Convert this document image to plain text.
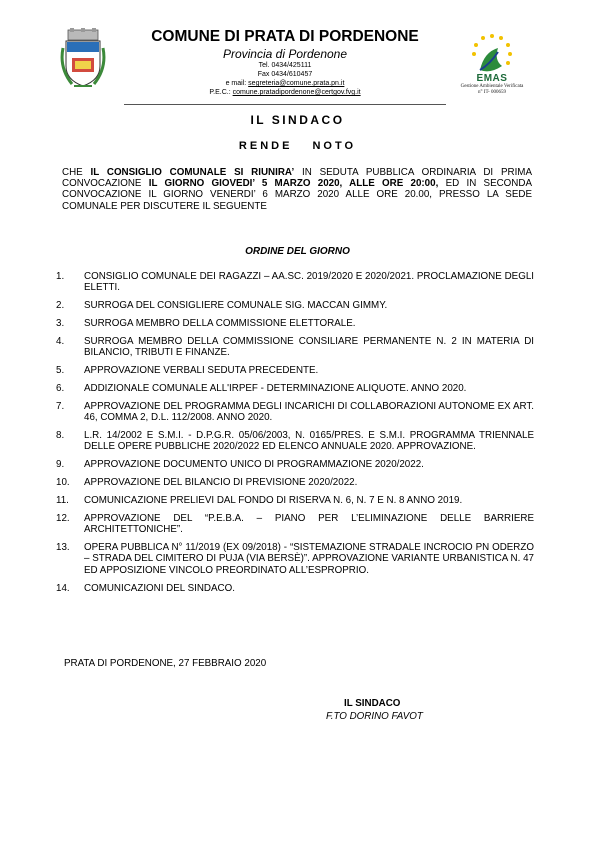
EMAS
Gestione Ambientale Verificata
n° IT- 000659
COMUNE DI PRATA DI PORDENONE
Provincia di Pordenone
Tel. 0434/425111
Fax 0434/610457
e mail: segreteria@comune.prata.pn.it
P.E.C.: comune.pratadipordenone@certgov.fvg.it
IL SINDACO
RENDE NOTO
CHE IL CONSIGLIO COMUNALE SI RIUNIRA’ IN SEDUTA PUBBLICA ORDINARIA DI PRIMA CONVOCAZIONE IL GIORNO GIOVEDI’ 5 MARZO 2020, ALLE ORE 20:00, ED IN SECONDA CONVOCAZIONE IL GIORNO VENERDI’ 6 MARZO 2020 ALLE ORE 20.00, PRESSO LA SEDE COMUNALE PER DISCUTERE IL SEGUENTE
ORDINE DEL GIORNO
1.	CONSIGLIO COMUNALE DEI RAGAZZI – AA.SC. 2019/2020 E 2020/2021. PROCLAMAZIONE DEGLI ELETTI.
2.	SURROGA DEL CONSIGLIERE COMUNALE SIG. MACCAN GIMMY.
3.	SURROGA MEMBRO DELLA COMMISSIONE ELETTORALE.
4.	SURROGA MEMBRO DELLA COMMISSIONE CONSILIARE PERMANENTE N. 2 IN MATERIA DI BILANCIO, TRIBUTI E FINANZE.
5.	APPROVAZIONE VERBALI SEDUTA PRECEDENTE.
6.	ADDIZIONALE COMUNALE ALL'IRPEF - DETERMINAZIONE ALIQUOTE. ANNO 2020.
7.	APPROVAZIONE DEL PROGRAMMA DEGLI INCARICHI DI COLLABORAZIONI AUTONOME EX ART. 46, COMMA 2, D.L. 112/2008. ANNO 2020.
8.	L.R. 14/2002 E S.M.I. - D.P.G.R. 05/06/2003, N. 0165/PRES. E S.M.I. PROGRAMMA TRIENNALE DELLE OPERE PUBBLICHE 2020/2022 ED ELENCO ANNUALE 2020. APPROVAZIONE.
9.	APPROVAZIONE DOCUMENTO UNICO DI PROGRAMMAZIONE 2020/2022.
10.	APPROVAZIONE DEL BILANCIO DI PREVISIONE 2020/2022.
11.	COMUNICAZIONE PRELIEVI DAL FONDO DI RISERVA N. 6, N. 7 E N. 8 ANNO 2019.
12.	APPROVAZIONE DEL “P.E.B.A. – PIANO PER L’ELIMINAZIONE DELLE BARRIERE ARCHITETTONICHE”.
13.	OPERA PUBBLICA N° 11/2019 (EX 09/2018) - “SISTEMAZIONE STRADALE INCROCIO PN ODERZO – STRADA DEL CIMITERO DI PUJA (VIA BERSÈ)”. APPROVAZIONE VARIANTE URBANISTICA N. 47 ED APPOSIZIONE VINCOLO PREORDINATO ALL’ESPROPRIO.
14.	COMUNICAZIONI DEL SINDACO.
PRATA DI PORDENONE, 27 FEBBRAIO 2020
IL SINDACO
F.TO DORINO FAVOT
